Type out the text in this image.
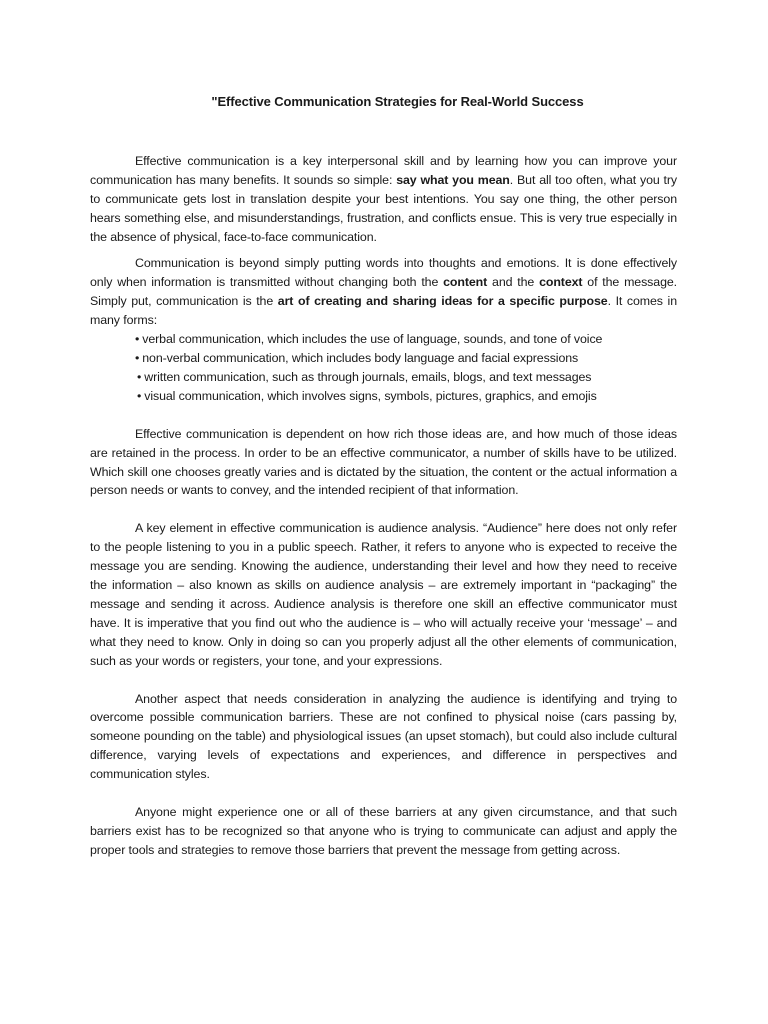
"Effective Communication Strategies for Real-World Success

Effective communication is a key interpersonal skill and by learning how you can improve your communication has many benefits. It sounds so simple: say what you mean. But all too often, what you try to communicate gets lost in translation despite your best intentions. You say one thing, the other person hears something else, and misunderstandings, frustration, and conflicts ensue. This is very true especially in the absence of physical, face-to-face communication.

Communication is beyond simply putting words into thoughts and emotions. It is done effectively only when information is transmitted without changing both the content and the context of the message. Simply put, communication is the art of creating and sharing ideas for a specific purpose. It comes in many forms:

• verbal communication, which includes the use of language, sounds, and tone of voice
• non-verbal communication, which includes body language and facial expressions
• written communication, such as through journals, emails, blogs, and text messages
• visual communication, which involves signs, symbols, pictures, graphics, and emojis

Effective communication is dependent on how rich those ideas are, and how much of those ideas are retained in the process. In order to be an effective communicator, a number of skills have to be utilized. Which skill one chooses greatly varies and is dictated by the situation, the content or the actual information a person needs or wants to convey, and the intended recipient of that information.

A key element in effective communication is audience analysis. “Audience” here does not only refer to the people listening to you in a public speech. Rather, it refers to anyone who is expected to receive the message you are sending. Knowing the audience, understanding their level and how they need to receive the information – also known as skills on audience analysis – are extremely important in “packaging” the message and sending it across. Audience analysis is therefore one skill an effective communicator must have. It is imperative that you find out who the audience is – who will actually receive your ‘message’ – and what they need to know. Only in doing so can you properly adjust all the other elements of communication, such as your words or registers, your tone, and your expressions.

Another aspect that needs consideration in analyzing the audience is identifying and trying to overcome possible communication barriers. These are not confined to physical noise (cars passing by, someone pounding on the table) and physiological issues (an upset stomach), but could also include cultural difference, varying levels of expectations and experiences, and difference in perspectives and communication styles.

Anyone might experience one or all of these barriers at any given circumstance, and that such barriers exist has to be recognized so that anyone who is trying to communicate can adjust and apply the proper tools and strategies to remove those barriers that prevent the message from getting across.
